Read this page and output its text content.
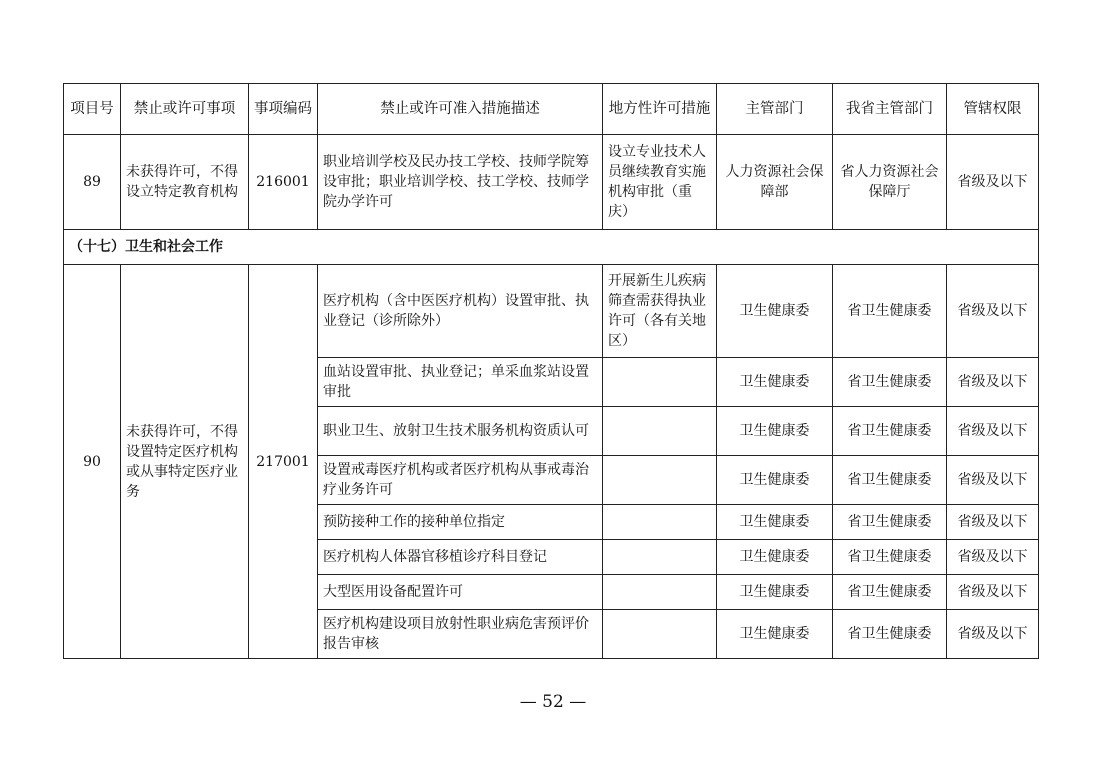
项目号	禁止或许可事项	事项编码	禁止或许可准入措施描述	地方性许可措施	主管部门	我省主管部门	管辖权限
89	未获得许可，不得设立特定教育机构	216001	职业培训学校及民办技工学校、技师学院筹设审批；职业培训学校、技工学校、技师学院办学许可	设立专业技术人员继续教育实施机构审批（重庆）	人力资源社会保障部	省人力资源社会保障厅	省级及以下
（十七）卫生和社会工作							
90	未获得许可，不得设置特定医疗机构或从事特定医疗业务	217001	医疗机构（含中医医疗机构）设置审批、执业登记（诊所除外）	开展新生儿疾病筛查需获得执业许可（各有关地区）	卫生健康委	省卫生健康委	省级及以下
			血站设置审批、执业登记；单采血浆站设置审批		卫生健康委	省卫生健康委	省级及以下
			职业卫生、放射卫生技术服务机构资质认可		卫生健康委	省卫生健康委	省级及以下
			设置戒毒医疗机构或者医疗机构从事戒毒治疗业务许可		卫生健康委	省卫生健康委	省级及以下
			预防接种工作的接种单位指定		卫生健康委	省卫生健康委	省级及以下
			医疗机构人体器官移植诊疗科目登记		卫生健康委	省卫生健康委	省级及以下
			大型医用设备配置许可		卫生健康委	省卫生健康委	省级及以下
			医疗机构建设项目放射性职业病危害预评价报告审核		卫生健康委	省卫生健康委	省级及以下
— 52 —
